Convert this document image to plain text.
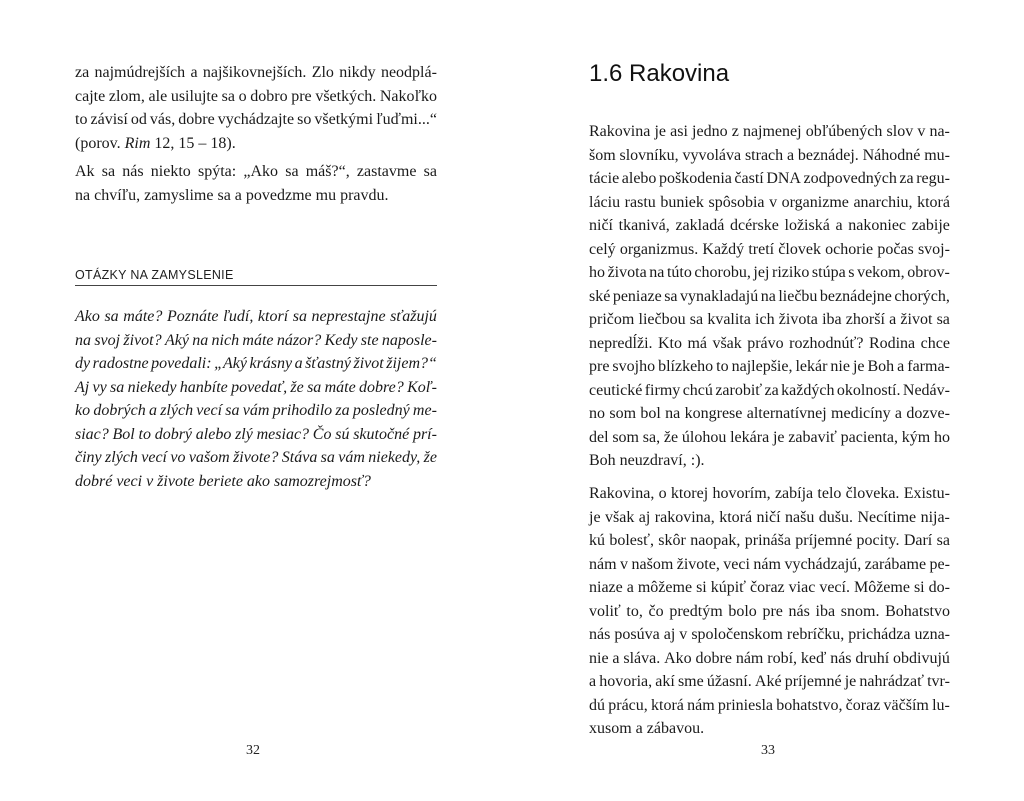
za najmúdrejších a najšikovnejších. Zlo nikdy neodplá-
cajte zlom, ale usilujte sa o dobro pre všetkých. Nakoľko
to závisí od vás, dobre vychádzajte so všetkými ľuďmi...“
(porov. Rim 12, 15 – 18).
Ak sa nás niekto spýta: „Ako sa máš?“, zastavme sa
na chvíľu, zamyslime sa a povedzme mu pravdu.
OTÁZKY NA ZAMYSLENIE
Ako sa máte? Poznáte ľudí, ktorí sa neprestajne sťažujú
na svoj život? Aký na nich máte názor? Kedy ste naposle-
dy radostne povedali: „Aký krásny a šťastný život žijem?“
Aj vy sa niekedy hanbíte povedať, že sa máte dobre? Koľ-
ko dobrých a zlých vecí sa vám prihodilo za posledný me-
siac? Bol to dobrý alebo zlý mesiac? Čo sú skutočné prí-
činy zlých vecí vo vašom živote? Stáva sa vám niekedy, že
dobré veci v živote beriete ako samozrejmosť?
32
1.6 Rakovina
Rakovina je asi jedno z najmenej obľúbených slov v na-
šom slovníku, vyvoláva strach a beznádej. Náhodné mu-
tácie alebo poškodenia častí DNA zodpovedných za regu-
láciu rastu buniek spôsobia v organizme anarchiu, ktorá
ničí tkanivá, zakladá dcérske ložiská a nakoniec zabije
celý organizmus. Každý tretí človek ochorie počas svoj-
ho života na túto chorobu, jej riziko stúpa s vekom, obrov-
ské peniaze sa vynakladajú na liečbu beznádejne chorých,
pričom liečbou sa kvalita ich života iba zhorší a život sa
nepredĺži. Kto má však právo rozhodnúť? Rodina chce
pre svojho blízkeho to najlepšie, lekár nie je Boh a farma-
ceutické firmy chcú zarobiť za každých okolností. Nedáv-
no som bol na kongrese alternatívnej medicíny a dozve-
del som sa, že úlohou lekára je zabaviť pacienta, kým ho
Boh neuzdraví, :).
Rakovina, o ktorej hovorím, zabíja telo človeka. Existu-
je však aj rakovina, ktorá ničí našu dušu. Necítime nija-
kú bolesť, skôr naopak, prináša príjemné pocity. Darí sa
nám v našom živote, veci nám vychádzajú, zarábame pe-
niaze a môžeme si kúpiť čoraz viac vecí. Môžeme si do-
voliť to, čo predtým bolo pre nás iba snom. Bohatstvo
nás posúva aj v spoločenskom rebríčku, prichádza uzna-
nie a sláva. Ako dobre nám robí, keď nás druhí obdivujú
a hovoria, akí sme úžasní. Aké príjemné je nahrádzať tvr-
dú prácu, ktorá nám priniesla bohatstvo, čoraz väčším lu-
xusom a zábavou.
33
